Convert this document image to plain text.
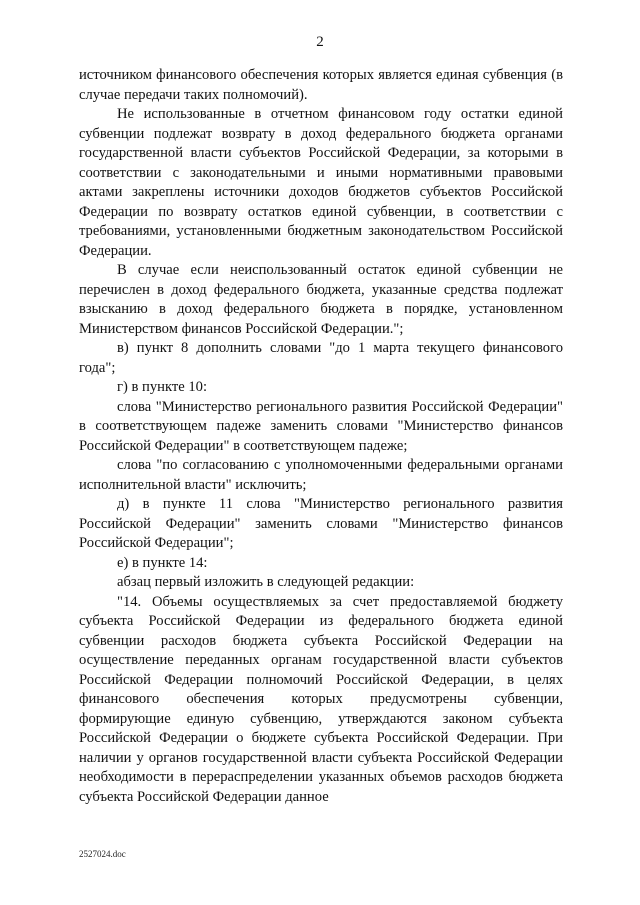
2

источником финансового обеспечения которых является единая субвенция (в случае передачи таких полномочий).

Не использованные в отчетном финансовом году остатки единой субвенции подлежат возврату в доход федерального бюджета органами государственной власти субъектов Российской Федерации, за которыми в соответствии с законодательными и иными нормативными правовыми актами закреплены источники доходов бюджетов субъектов Российской Федерации по возврату остатков единой субвенции, в соответствии с требованиями, установленными бюджетным законодательством Российской Федерации.

В случае если неиспользованный остаток единой субвенции не перечислен в доход федерального бюджета, указанные средства подлежат взысканию в доход федерального бюджета в порядке, установленном Министерством финансов Российской Федерации.";

в) пункт 8 дополнить словами "до 1 марта текущего финансового года";

г) в пункте 10:

слова "Министерство регионального развития Российской Федерации" в соответствующем падеже заменить словами "Министерство финансов Российской Федерации" в соответствующем падеже;

слова "по согласованию с уполномоченными федеральными органами исполнительной власти" исключить;

д) в пункте 11 слова "Министерство регионального развития Российской Федерации" заменить словами "Министерство финансов Российской Федерации";

е) в пункте 14:

абзац первый изложить в следующей редакции:

"14. Объемы осуществляемых за счет предоставляемой бюджету субъекта Российской Федерации из федерального бюджета единой субвенции расходов бюджета субъекта Российской Федерации на осуществление переданных органам государственной власти субъектов Российской Федерации полномочий Российской Федерации, в целях финансового обеспечения которых предусмотрены субвенции, формирующие единую субвенцию, утверждаются законом субъекта Российской Федерации о бюджете субъекта Российской Федерации. При наличии у органов государственной власти субъекта Российской Федерации необходимости в перераспределении указанных объемов расходов бюджета субъекта Российской Федерации данное

2527024.doc
